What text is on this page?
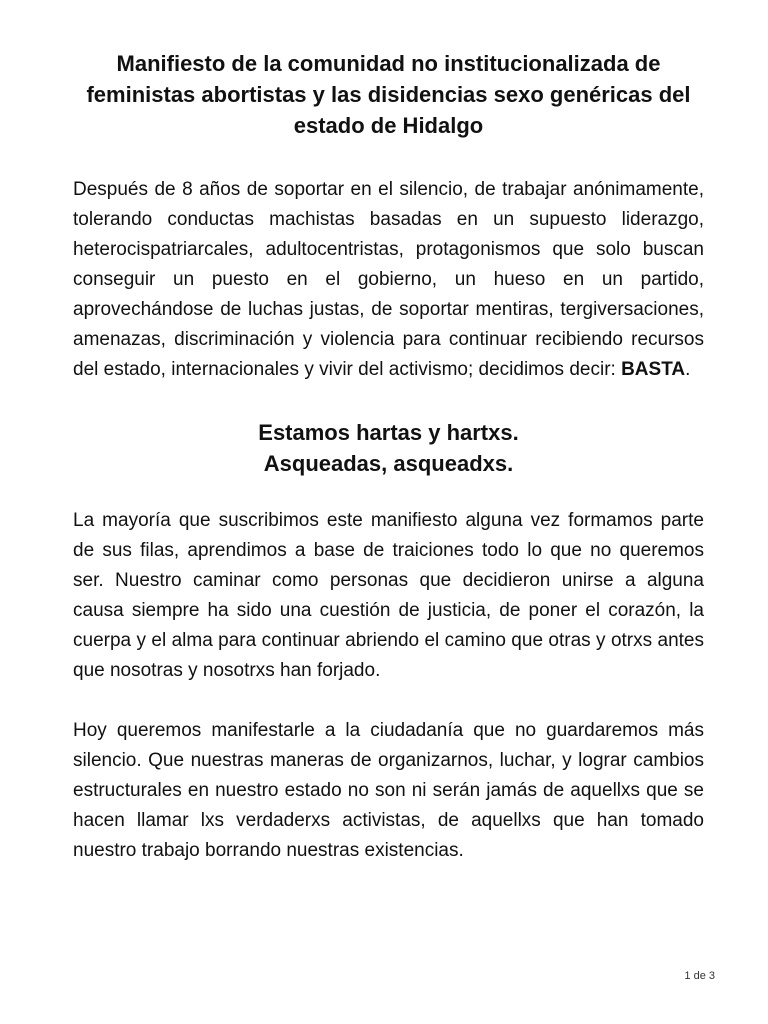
Manifiesto de la comunidad no institucionalizada de feministas abortistas y las disidencias sexo genéricas del estado de Hidalgo

Después de 8 años de soportar en el silencio, de trabajar anónimamente, tolerando conductas machistas basadas en un supuesto liderazgo, heterocispatriarcales, adultocentristas, protagonismos que solo buscan conseguir un puesto en el gobierno, un hueso en un partido, aprovechándose de luchas justas, de soportar mentiras, tergiversaciones, amenazas, discriminación y violencia para continuar recibiendo recursos del estado, internacionales y vivir del activismo; decidimos decir: BASTA.

Estamos hartas y hartxs.
Asqueadas, asqueadxs.

La mayoría que suscribimos este manifiesto alguna vez formamos parte de sus filas, aprendimos a base de traiciones todo lo que no queremos ser. Nuestro caminar como personas que decidieron unirse a alguna causa siempre ha sido una cuestión de justicia, de poner el corazón, la cuerpa y el alma para continuar abriendo el camino que otras y otrxs antes que nosotras y nosotrxs han forjado.

Hoy queremos manifestarle a la ciudadanía que no guardaremos más silencio. Que nuestras maneras de organizarnos, luchar, y lograr cambios estructurales en nuestro estado no son ni serán jamás de aquellxs que se hacen llamar lxs verdaderxs activistas, de aquellxs que han tomado nuestro trabajo borrando nuestras existencias.

1 de 3
